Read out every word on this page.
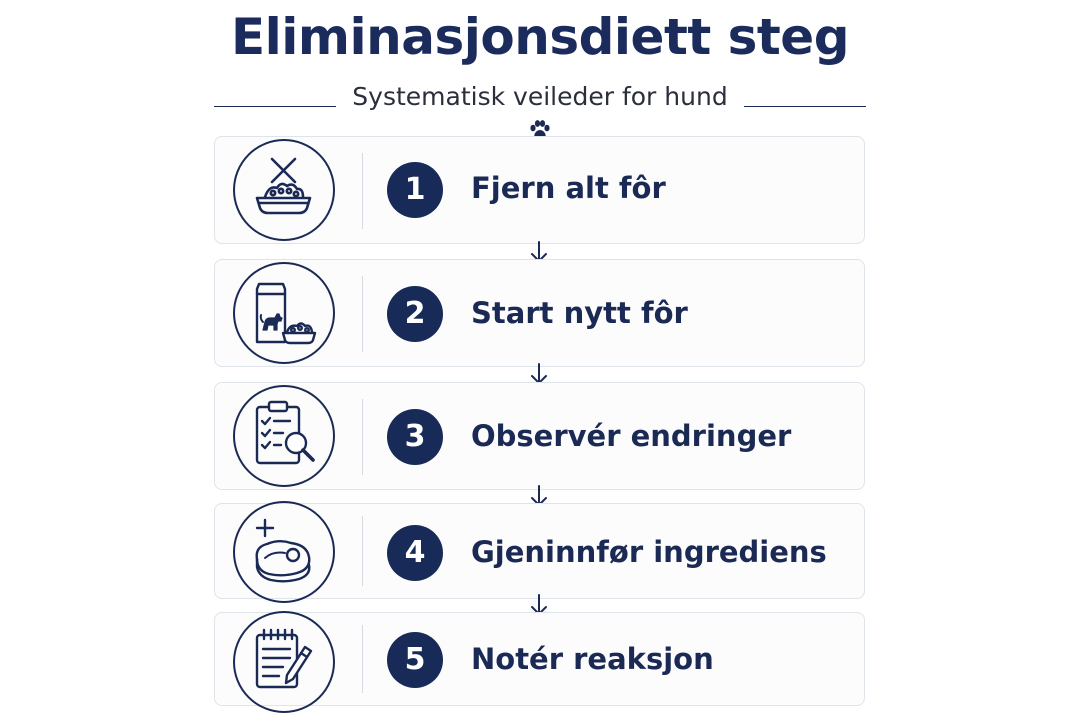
Eliminasjonsdiett steg
Systematisk veileder for hund
1	Fjern alt fôr
2	Start nytt fôr
3	Observér endringer
4	Gjeninnfør ingrediens
5	Notér reaksjon
